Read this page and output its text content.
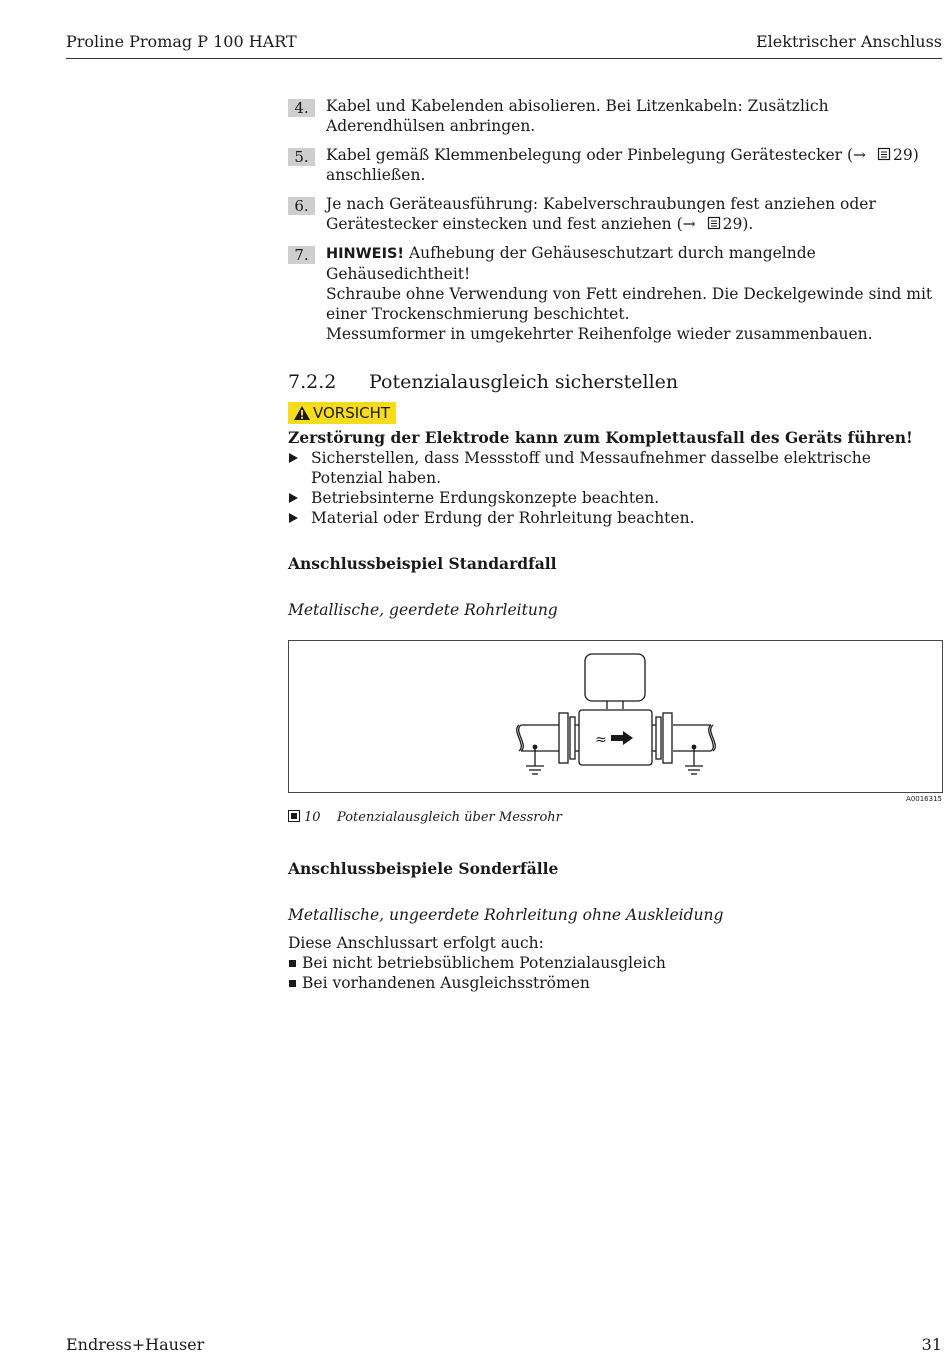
Proline Promag P 100 HART	Elektrischer Anschluss
4.	Kabel und Kabelenden abisolieren. Bei Litzenkabeln: Zusätzlich Aderendhülsen anbringen.

5.	Kabel gemäß Klemmenbelegung oder Pinbelegung Gerätestecker (→ 29) anschließen.

6.	Je nach Geräteausführung: Kabelverschraubungen fest anziehen oder Gerätestecker einstecken und fest anziehen (→ 29).

7.	HINWEIS! Aufhebung der Gehäuseschutzart durch mangelnde Gehäusedichtheit!

Schraube ohne Verwendung von Fett eindrehen. Die Deckelgewinde sind mit einer Trockenschmierung beschichtet.

Messumformer in umgekehrter Reihenfolge wieder zusammenbauen.

7.2.2 Potenzialausgleich sicherstellen
VORSICHT
Zerstörung der Elektrode kann zum Komplettausfall des Geräts führen!
Sicherstellen, dass Messstoff und Messaufnehmer dasselbe elektrische Potenzial haben.
Betriebsinterne Erdungskonzepte beachten.
Material oder Erdung der Rohrleitung beachten.
Anschlussbeispiel Standardfall
Metallische, geerdete Rohrleitung
≈
A0016315
10 Potenzialausgleich über Messrohr
Anschlussbeispiele Sonderfälle
Metallische, ungeerdete Rohrleitung ohne Auskleidung
Diese Anschlussart erfolgt auch:
Bei nicht betriebsüblichem Potenzialausgleich
Bei vorhandenen Ausgleichsströmen
Endress+Hauser	31
